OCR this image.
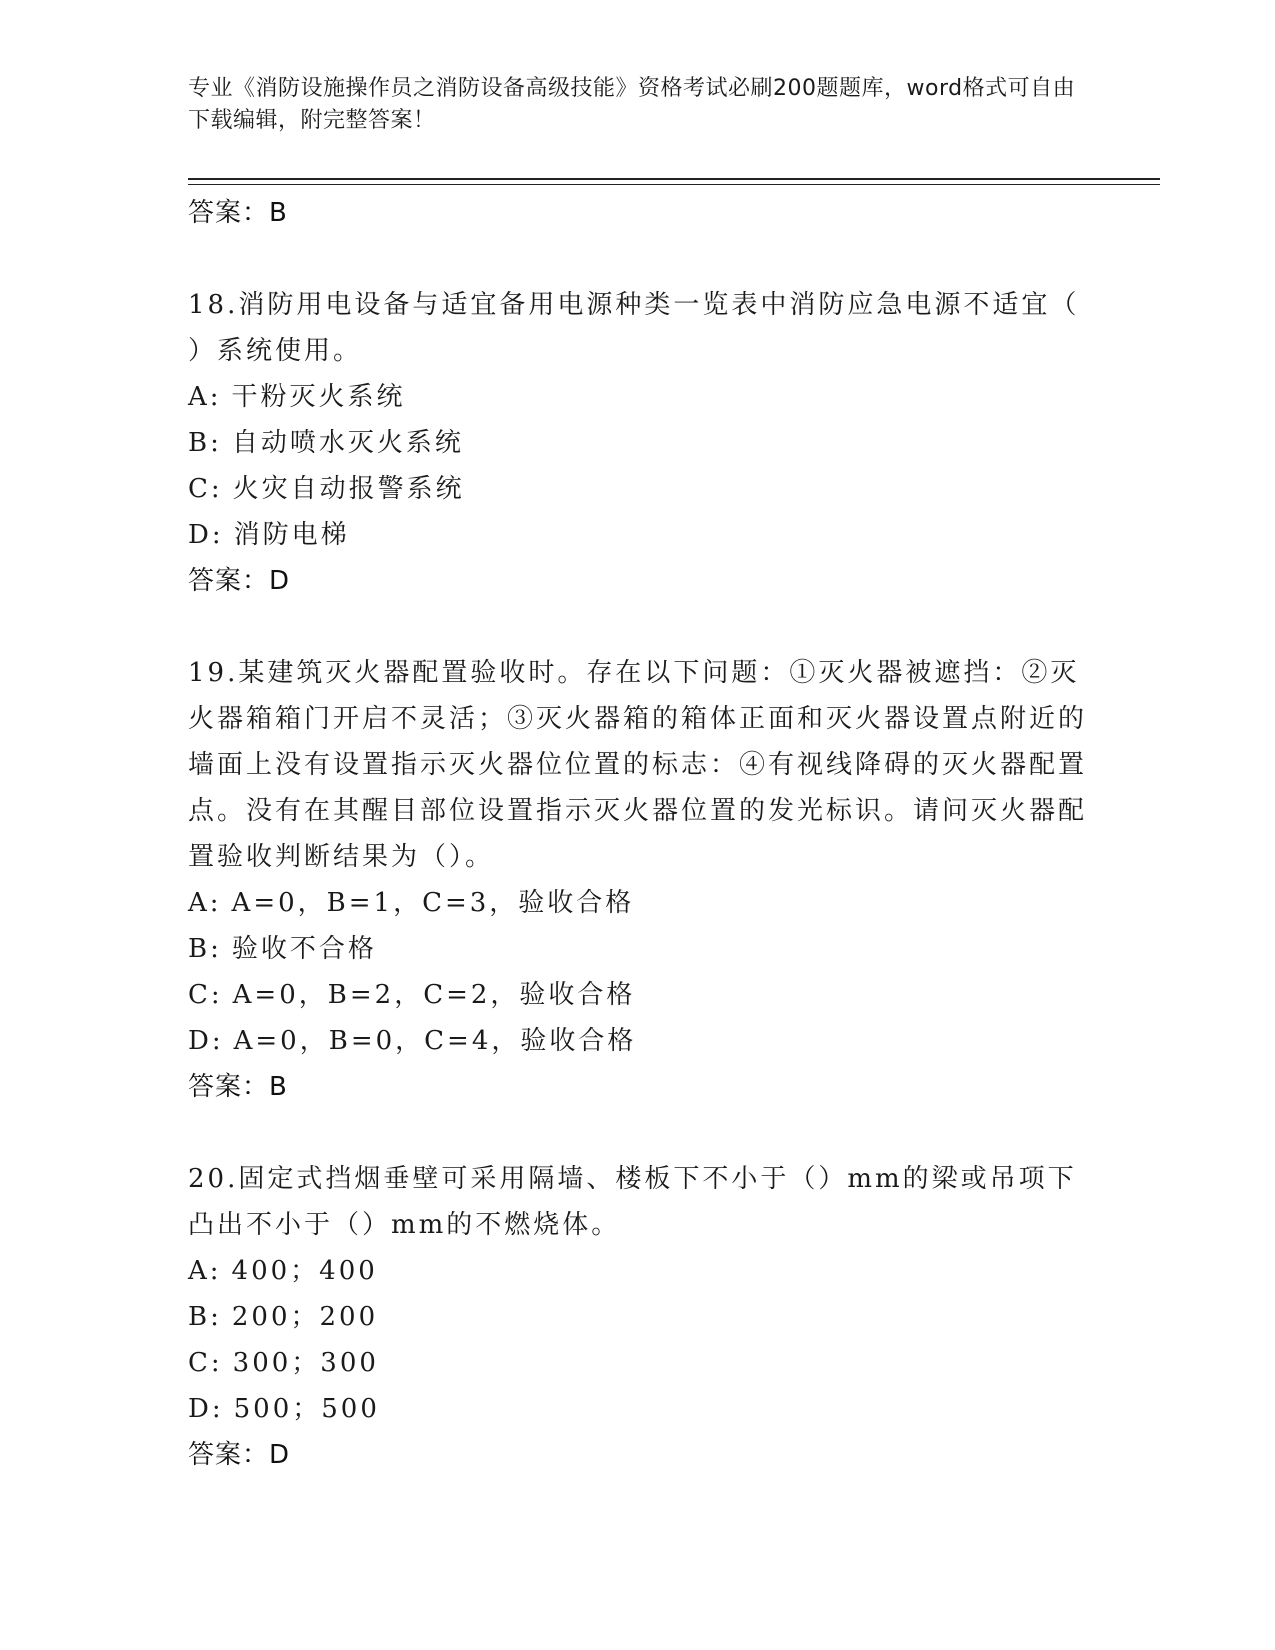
专业《消防设施操作员之消防设备高级技能》资格考试必刷200题题库，word格式可自由下载编辑，附完整答案！
答案：B
18.消防用电设备与适宜备用电源种类一览表中消防应急电源不适宜（ ）系统使用。
A: 干粉灭火系统
B: 自动喷水灭火系统
C: 火灾自动报警系统
D: 消防电梯
答案：D
19.某建筑灭火器配置验收时。存在以下问题：①灭火器被遮挡：②灭火器箱箱门开启不灵活；③灭火器箱的箱体正面和灭火器设置点附近的墙面上没有设置指示灭火器位位置的标志：④有视线降碍的灭火器配置点。没有在其醒目部位设置指示灭火器位置的发光标识。请问灭火器配置验收判断结果为（）。
A: A=0，B=1，C=3，验收合格
B: 验收不合格
C: A=0，B=2，C=2，验收合格
D: A=0，B=0，C=4，验收合格
答案：B
20.固定式挡烟垂壁可采用隔墙、楼板下不小于（）mm的梁或吊项下凸出不小于（）mm的不燃烧体。
A: 400；400
B: 200；200
C: 300；300
D: 500；500
答案：D
